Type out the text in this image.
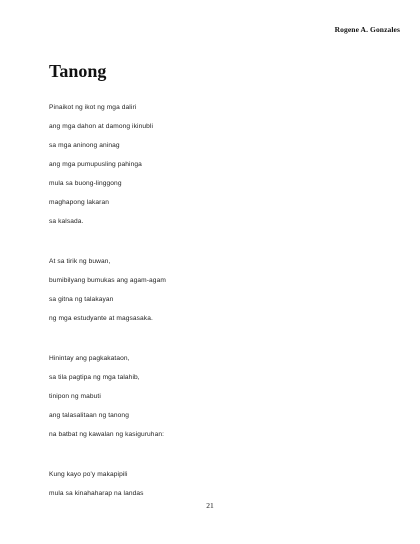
Rogene A. Gonzales
Tanong
Pinaikot ng ikot ng mga daliri
ang mga dahon at damong ikinubli
sa mga aninong aninag
ang mga pumupusling pahinga
mula sa buong-linggong
maghapong lakaran
sa kalsada.
At sa tirik ng buwan,
bumibilyang bumukas ang agam-agam
sa gitna ng talakayan
ng mga estudyante at magsasaka.
Hinintay ang pagkakataon,
sa tila pagtipa ng mga talahib,
tinipon ng mabuti
ang talasalitaan ng tanong
na batbat ng kawalan ng kasiguruhan:
Kung kayo po'y makapipili
mula sa kinahaharap na landas
21
